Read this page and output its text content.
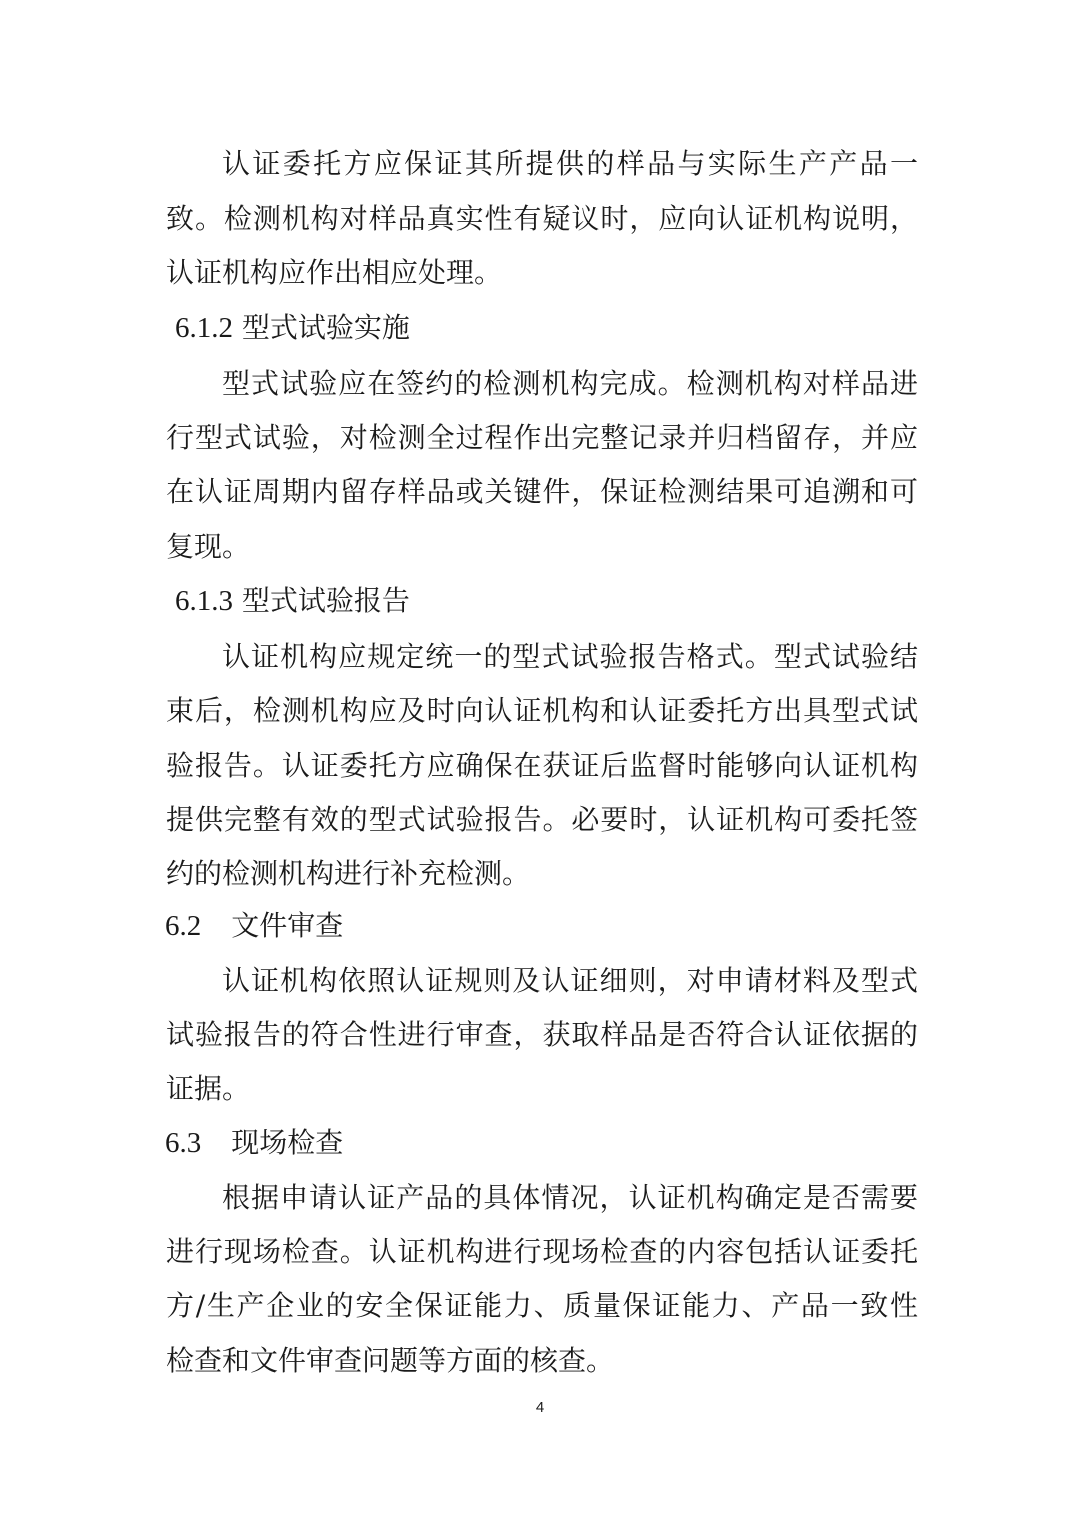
认证委托方应保证其所提供的样品与实际生产产品一
致。检测机构对样品真实性有疑议时，应向认证机构说明，
认证机构应作出相应处理。
6.1.2 型式试验实施
型式试验应在签约的检测机构完成。检测机构对样品进
行型式试验，对检测全过程作出完整记录并归档留存，并应
在认证周期内留存样品或关键件，保证检测结果可追溯和可
复现。
6.1.3 型式试验报告
认证机构应规定统一的型式试验报告格式。型式试验结
束后，检测机构应及时向认证机构和认证委托方出具型式试
验报告。认证委托方应确保在获证后监督时能够向认证机构
提供完整有效的型式试验报告。必要时，认证机构可委托签
约的检测机构进行补充检测。
6.2 文件审查
认证机构依照认证规则及认证细则，对申请材料及型式
试验报告的符合性进行审查，获取样品是否符合认证依据的
证据。
6.3 现场检查
根据申请认证产品的具体情况，认证机构确定是否需要
进行现场检查。认证机构进行现场检查的内容包括认证委托
方/生产企业的安全保证能力、质量保证能力、产品一致性
检查和文件审查问题等方面的核查。
4
